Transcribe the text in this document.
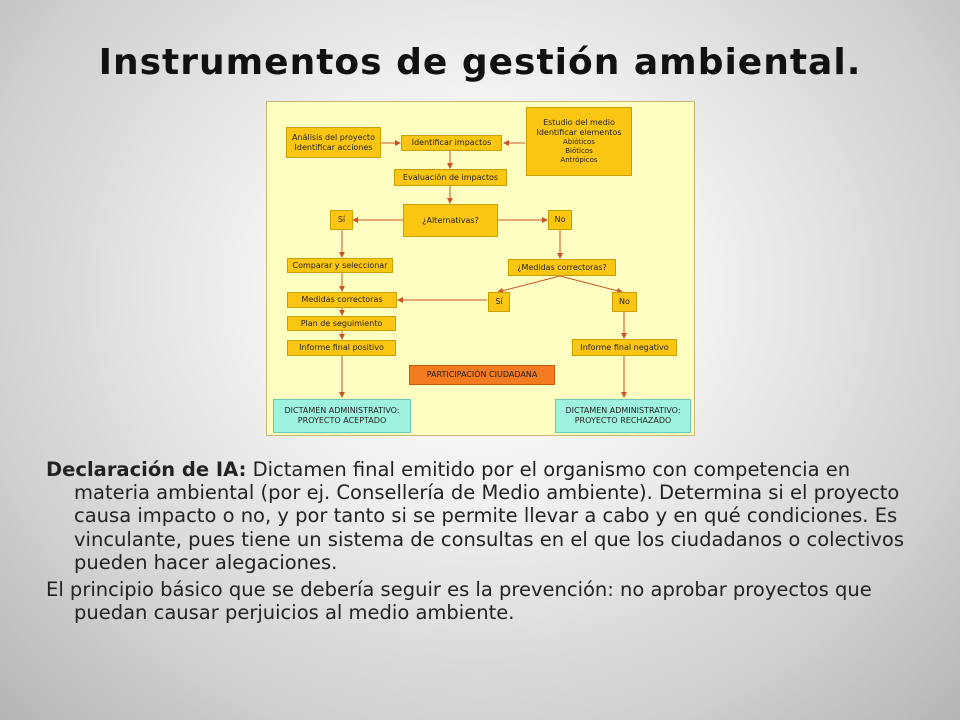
Instrumentos de gestión ambiental.
Análisis del proyecto
Identificar acciones	Identificar impactos
Estudio del medio
Identificar elementos
Abióticos
Bióticos
Antrópicos
Evaluación de impactos
Sí	¿Alternativas?	No
Comparar y seleccionar	¿Medidas correctoras?
Medidas correctoras	Sí	No
Plan de seguimiento
Informe final positivo	Informe final negativo
PARTICIPACIÓN CIUDADANA
DICTAMEN ADMINISTRATIVO:
PROYECTO ACEPTADO
DICTAMEN ADMINISTRATIVO:
PROYECTO RECHAZADO

Declaración de IA: Dictamen final emitido por el organismo con competencia en materia ambiental (por ej. Consellería de Medio ambiente). Determina si el proyecto causa impacto o no, y por tanto si se permite llevar a cabo y en qué condiciones. Es vinculante, pues tiene un sistema de consultas en el que los ciudadanos o colectivos pueden hacer alegaciones.

El principio básico que se debería seguir es la prevención: no aprobar proyectos que puedan causar perjuicios al medio ambiente.
